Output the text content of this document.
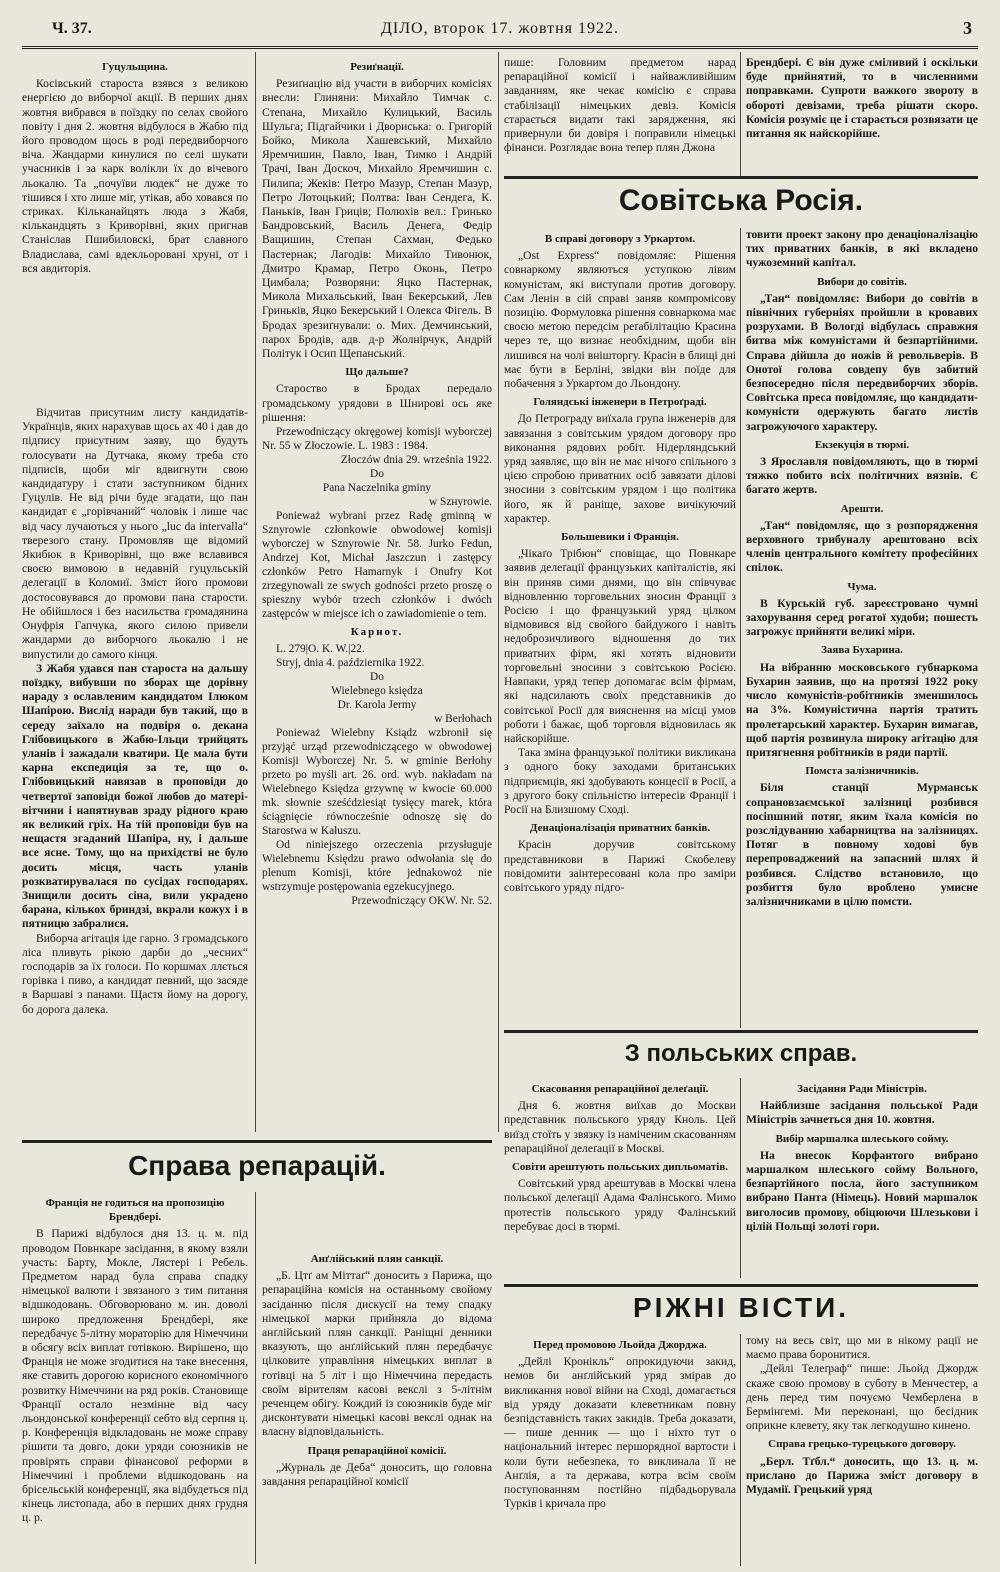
Ч. 37.	ДІЛО, второк 17. жовтня 1922.	3
Гуцульщина.

Косівський староста взявся з великою енергією до виборчої акції. В перших днях жовтня вибрався в поїздку по селах свойого повіту і дня 2. жовтня відбулося в Жабю під його проводом щось в роді передвиборчого віча. Жандарми кинулися по селі шукати учасників і за карк волікли їх до вічевого льокалю. Та „почуїви людек“ не дуже то тішився і хто лише міг, утікав, або ховався по стриках. Кільканайцять люда з Жабя, кількандцять з Криворівні, яких пригнав Станіслав Пшибиловскі, брат славного Владислава, самі вдекльоровані хруні, от і вся авдиторія.

Відчитав присутним листу кандидатів-Українців, яких нарахував щось ах 40 і дав до підпису присутним заяву, що будуть голосувати на Дутчака, якому треба сто підписів, щоби міг вдвигнути свою кандидатуру і стати заступником бідних Гуцулів. Не від річи буде згадати, що пан кандидат є „горівчаний“ чоловік і лише час від часу лучаються у нього „luc da intervalla“ тверезого стану. Промовляв ще відомий Якибюк в Криворівні, що вже вславився своєю вимовою в недавній гуцульській делегації в Коломиї. Зміст його промови достосовувався до промови пана старости. Не обійшлося і без насильства громадянина Онуфрія Гапчука, якого силою привели жандарми до виборчого льокалю і не випустили до самого кінця.

З Жабя удався пан староста на дальшу поїздку, вибувши по зборах ще дорівну нараду з ославленим кандидатом Ілюком Шапірою. Вислід наради був такий, що в середу заїхало на подвіря о. декана Глібовицького в Жабю-Ільци трийцять уланів і зажадали кватири. Це мала бути карна експедиція за те, що о. Глібовицький навязав в проповіди до четвертої заповіди божої любов до матері-вітчини і напятнував зраду рідного краю як великий гріх. На тій проповіди був на нещастя згаданий Шапіра, ну, і дальше все ясне. Тому, що на прихідстві не було досить місця, часть уланів розкватирувалася по сусідах господарях. Знищили досить сіна, вили украдено барана, кількох бриндзі, вкрали кожух і в пятницю забралися.

Виборча агітація іде гарно. З громадського ліса пливуть рікою дарби до „чесних“ господарів за їх голоси. По коршмах ллється горівка і пиво, а кандидат певний, що засяде в Варшаві з панами. Щастя йому на дорогу, бо дорога далека.

Резиґнації.

Резиґнацію від участи в виборчих комісіях внесли: Глиняни: Михайло Тимчак с. Степана, Михайло Кулицький, Василь Шульга; Підгайчики і Двориська: о. Григорій Бойко, Микола Хашевський, Михайло Яремчишин, Павло, Іван, Тимко і Андрій Трачі, Іван Доскоч, Михайло Яремчишин с. Пилипа; Жеків: Петро Мазур, Степан Мазур, Петро Лотоцький; Полтва: Іван Сендега, К. Паньків, Іван Гриців; Полюхів вел.: Гринько Бандровський, Василь Денега, Федір Ващишин, Степан Сахман, Федько Пастернак; Лагодів: Михайло Тивонюк, Дмитро Крамар, Петро Оконь, Петро Цимбала; Розворяни: Яцко Пастернак, Микола Михальський, Іван Бекерський, Лев Гриньків, Яцко Бекерський і Олекса Фігель. В Бродах зрезиґнували: о. Мих. Демчинський, парох Бродів, адв. д-р Жолнірчук, Андрій Політук і Осип Щепанський.

Що дальше?

Староство в Бродах передало громадському урядови в Шнирові ось яке рішення:

Przewodniczący okręgowej komisji wyborczej Nr. 55 w Złoczowie. L. 1983 : 1984.

Złoczów dnia 29. września 1922.

Do

Pana Naczelnika gminy

w Szнyrowie.

Ponieważ wybrani przez Radę gminną w Sznyrowie członkowie obwodowej komisji wyborczej w Sznyrowie Nr. 58. Jurko Fedun, Andrzej Kot, Michał Jaszczun i zastępcy członków Petro Hamarnyk i Onufry Kot zrzegynowali ze swych godności przeto proszę o spieszny wybór trzech członków i dwóch zastępców w miejsce ich o zawiadomienie o tem.

Карнот.

L. 279|O. K. W.|22.

Stryj, dnia 4. października 1922.

Do

Wielebnego księdza

Dr. Karola Jermy

w Berłohach

Ponieważ Wielebny Ksiądz wzbronił się przyjąć urząd przewodniczącego w obwodowej Komisji Wyborczej Nr. 5. w gminie Berłohy przeto po myśli art. 26. ord. wyb. nakładam na Wielebnego Księdza grzywnę w kwocie 60.000 mk. słownie sześćdziesiąt tysięcy marek, która ściągnięcie równocześnie odnoszę się do Starostwa w Kałuszu.

Od niniejszego orzeczenia przysługuje Wielebnemu Księdzu prawo odwołania się do plenum Komisji, które jednakowoż nie wstrzymuje postępowania egzekucyjnego.

Przewodniczący OKW. Nr. 52.

пише: Головним предметом нарад репараційної комісії і найважливійшим завданням, яке чекає комісію є справа стабілізації німецьких девіз. Комісія старається видати такі зарядження, які привернули би довіря і поправили німецькі фінанси. Розглядає вона тепер плян Джона

Брендбері. Є він дуже сміливий і оскільки буде прийнятий, то в численними поправками. Супроти важкого звороту в обороті девізами, треба рішати скоро. Комісія розуміє це і старається розвязати це питання як найскорійше.

Совітська Росія.
В справі договору з Уркартом.

„Ost Express“ повідомляє: Рішення совнаркому являються уступкою лівим комуністам, які виступали против договору. Сам Ленін в сій справі заняв компромісову позицію. Формуловка рішення совнаркома має своєю метою передсім реґабілітацію Красина через те, що визнає необхідним, щоби він лишився на чолі внішторгу. Красін в блищі дні має бути в Берліні, звідки він поїде для побачення з Уркартом до Льондону.

Голяндські інженери в Петроґраді.

До Петрограду виїхала група інженерів для завязання з совітським урядом договору про виконання рядових робіт. Нідерляндський уряд заявляє, що він не має нічого спільного з цією спробою приватних осіб завязати ділові зносини з совітським урядом і що політика його, як й раніще, захове вичікуючий характер.

Большевики і Франція.

„Чікаґо Трібюн“ сповіщає, що Повнкаре заявив делеґації французьких капіталістів, які він приняв сими днями, що він співчуває відновленню торговельних зносин Франції з Росією і що французький уряд цілком відмовився від свойого байдужого і навіть недоброзичливого відношення до тих приватних фірм, які хотять відновити торговельні зносини з совітською Росією. Навпаки, уряд тепер допомагає всім фірмам, які надсилають своїх представників до совітської Росії для вияснення на місці умов роботи і бажає, щоб торговля відновилась як найскорійше.

Така зміна французької політики викликана з одного боку заходами британських підприємців, які здобувають концесії в Росії, а з другого боку спільністю інтересів Франції і Росії на Близшому Сході.

Денаціоналізація приватних банків.

Красін доручив совітському представникови в Парижі Скобелеву повідомити заінтересовані кола про заміри совітського уряду підго-

товити проект закону про денаціоналізацію тих приватних банків, в які вкладено чужоземний капітал.

Вибори до совітів.

„Тан“ повідомляє: Вибори до совітів в північних губерніях пройшли в кровавих розрухами. В Вологді відбулась справжня битва між комуністами й безпартійними. Справа дійшла до ножів й револьверів. В Онотої голова совдепу був забитий безпосередно після передвиборчих зборів. Совітська преса повідомляє, що кандидати-комуністи одержують багато листів загрожуючого характеру.

Екзекуція в тюрмі.

З Ярославля повідомляють, що в тюрмі тяжко побито всіх політичних вязнів. Є багато жертв.

Арешти.

„Тан“ повідомляє, що з розпорядження верховного трибуналу арештовано всіх членів центрального комітету професійних спілок.

Чума.

В Курській губ. зареєстровано чумні захорування серед рогатої худоби; пошесть загрожує прийняти великі міри.

Заява Бухарина.

На вібранню московського губнаркома Бухарин заявив, що на протязі 1922 року число комуністів-робітників зменшилось на 3%. Комуністична партія тратить пролетарський характер. Бухарин вимагав, щоб партія розвинула широку агітацію для притягнення робітників в ряди партії.

Помста залізничників.

Біля станції Мурманськ сопрановзаємської залізниці розбився посіпшний потяг, яким їхала комісія по розслідуванню хабарництва на залізницях. Потяг в повному ходові був перепроваджений на запасний шлях й розбився. Слідство встановило, що розбиття було вроблено умисне залізничниками в цілю помсти.

З польських справ.
Скасовання репараційної делеґації.

Дня 6. жовтня виїхав до Москви представник польського уряду Кноль. Цей виїзд стоїть у звязку із наміченим скасованням репараційної делеґації в Москві.

Совіти арештують польських дипльоматів.

Совітський уряд арештував в Москві члена польської делеґації Адама Фалінського. Мимо протестів польського уряду Фалінський перебуває досі в тюрмі.

Засідання Ради Міністрів.

Найблизше засідання польської Ради Міністрів зачнеться дня 10. жовтня.

Вибір маршалка шлеського сойму.

На внесок Корфантого вибрано маршалком шлеського сойму Вольного, безпартійного посла, його заступником вибрано Панта (Німець). Новий маршалок виголосив промову, обіцюючи Шлезькови і цілій Польщі золоті гори.

Справа репарацій.
Франція не годиться на пропозицію Брендбері.

В Парижі відбулося дня 13. ц. м. під проводом Повнкаре засідання, в якому взяли участь: Барту, Мокле, Лястері і Ребель. Предметом нарад була справа спадку німецької валюти і звязаного з тим питання відшкодовань. Обговорювано м. ин. доволі широко предложення Брендбері, яке передбачує 5-літну мораторію для Німеччини в обсягу всіх виплат готівкою. Вирішено, що Франція не може згодитися на таке внесення, яке ставить дорогою корисного економічного розвитку Німеччини на ряд років. Становище Франції остало незмінне від часу льондонської конференції себто від серпня ц. р. Конференція відкладовань не може справу рішити та довго, доки уряди союзників не провірять справи фінансової реформи в Німеччині і проблеми відшкодовань на брісельській конференції, яка відбудеться під кінець листопада, або в перших днях грудня ц. р.

Анґлійський плян санкції.

„Б. Цтґ ам Міттаґ“ доносить з Парижа, що репараційна комісія на останньому свойому засіданню після дискусії на тему спадку німецької марки прийняла до відома анґлійський плян санкції. Раніщні денники вказують, що анґлійський плян передбачує цілковите управління німецьких виплат в готівці на 5 літ і що Німеччина передасть своїм вірителям касові векслі з 5-літнім реченцем обігу. Кождий із союзників буде міг дисконтувати німецькі касові векслі однак на власну відповідальність.

Праця репараційної комісії.

„Журналь де Деба“ доносить, що головна завдання репараційної комісії

РІЖНІ ВІСТИ.
Перед промовою Льойда Джорджа.

„Дейлі Кронікль“ опрокидуючи закид, немов би анґлійський уряд змірав до викликання нової війни на Сході, домагається від уряду доказати клеветникам повну безпідставність таких закидів. Треба доказати, — пише денник — що і ніхто тут о національний інтерес першорядної вартости і коли бути небезпека, то виклинала її не Анґлія, а та держава, котра всім своїм поступованням постійно підбадьорувала Турків і кричала про

тому на весь світ, що ми в нікому рації не маємо права боронитися.

„Дейлі Телеґраф“ пише: Льойд Джордж скаже свою промову в суботу в Менчестер, а день перед тим почуємо Чемберлена в Бермінгемі. Ми переконані, що бесідник оприкне клевету, яку так легкодушно кинено.

Справа грецько-турецького договору.

„Берл. Тґбл.“ доносить, що 13. ц. м. прислано до Парижа зміст договору в Мудамії. Грецький уряд
